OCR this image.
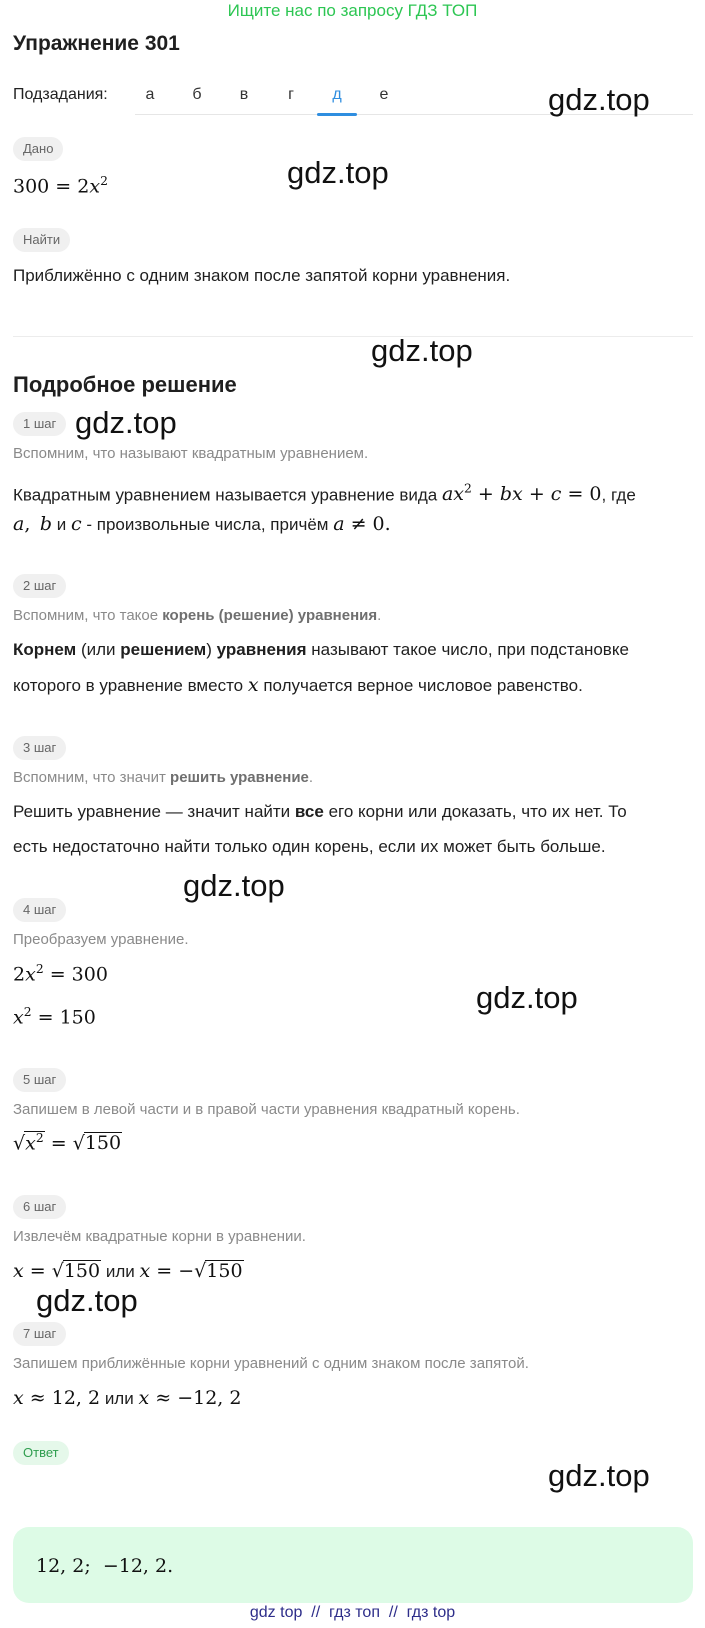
Ищите нас по запросу ГДЗ ТОП
Упражнение 301
Подзадания:	а	б	в	г	д	е
Дано
$300 = 2x^2$
Найти
Приближённо с одним знаком после запятой корни уравнения.
Подробное решение
1 шаг
Вспомним, что называют квадратным уравнением.
Квадратным уравнением называется уравнение вида $ax^2$ + bx + c = 0, где
a, b и c - произвольные числа, причём a ≠ 0.
2 шаг
Вспомним, что такое корень (решение) уравнения.
Корнем (или решением) уравнения называют такое число, при подстановке
которого в уравнение вместо x получается верное числовое равенство.
3 шаг
Вспомним, что значит решить уравнение.
Решить уравнение — значит найти все его корни или доказать, что их нет. То
есть недостаточно найти только один корень, если их может быть больше.
4 шаг
Преобразуем уравнение.
$2x^2 = 300$
$x^2 = 150$
5 шаг
Запишем в левой части и в правой части уравнения квадратный корень.
$√x^2 = √150$
6 шаг
Извлечём квадратные корни в уравнении.
x = √150 или x = −√150
7 шаг
Запишем приближённые корни уравнений с одним знаком после запятой.
x ≈ 12, 2 или x ≈ −12, 2
Ответ
12, 2;  −12, 2.
gdz.top
gdz.top
gdz.top
gdz.top
gdz.top
gdz.top
gdz.top
gdz.top
gdz top  //  гдз топ  //  гдз top
